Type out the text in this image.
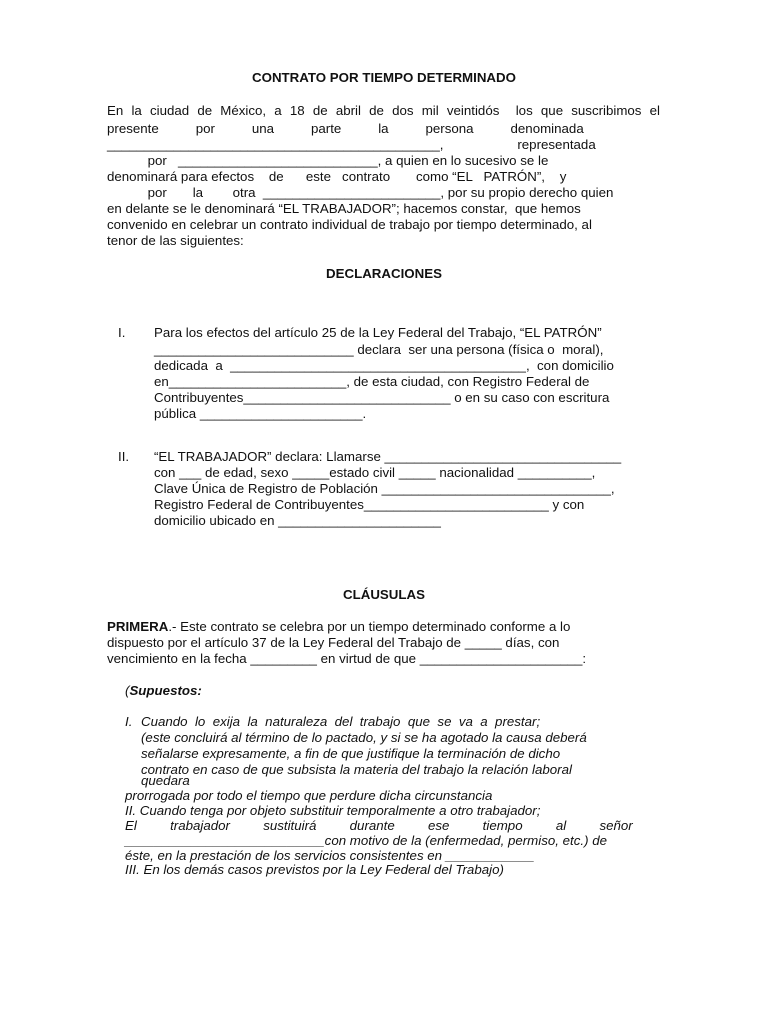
CONTRATO POR TIEMPO DETERMINADO
En la ciudad de México, a 18 de abril de dos mil veintidós  los que suscribimos el
presente          por          una          parte          la          persona          denominada
_____________________________________________,                    representada
por   ___________________________, a quien en lo sucesivo se le
denominará para efectos    de      este   contrato       como “EL   PATRÓN”,    y
por       la        otra  ________________________, por su propio derecho quien
en delante se le denominará “EL TRABAJADOR”; hacemos constar,  que hemos
convenido en celebrar un contrato individual de trabajo por tiempo determinado, al
tenor de las siguientes:
DECLARACIONES
I. Para los efectos del artículo 25 de la Ley Federal del Trabajo, “EL PATRÓN”
___________________________ declara  ser una persona (física o  moral),
dedicada  a  ________________________________________,  con domicilio
en________________________, de esta ciudad, con Registro Federal de
Contribuyentes____________________________ o en su caso con escritura
pública ______________________.
II. “EL TRABAJADOR” declara: Llamarse ________________________________
con ___ de edad, sexo _____estado civil _____ nacionalidad __________,
Clave Única de Registro de Población _______________________________,
Registro Federal de Contribuyentes_________________________ y con
domicilio ubicado en ______________________
CLÁUSULAS
PRIMERA.- Este contrato se celebra por un tiempo determinado conforme a lo
dispuesto por el artículo 37 de la Ley Federal del Trabajo de _____ días, con
vencimiento en la fecha _________ en virtud de que ______________________:
(Supuestos:
I. Cuando  lo  exija  la  naturaleza  del  trabajo  que  se  va  a  prestar;
(este concluirá al término de lo pactado, y si se ha agotado la causa deberá
señalarse expresamente, a fin de que justifique la terminación de dicho
contrato en caso de que subsista la materia del trabajo la relación laboral
quedara
prorrogada por todo el tiempo que perdure dicha circunstancia
II. Cuando tenga por objeto substituir temporalmente a otro trabajador;
El         trabajador         sustituirá         durante         ese         tiempo         al         señor
___________________________con motivo de la (enfermedad, permiso, etc.) de
éste, en la prestación de los servicios consistentes en ____________
III. En los demás casos previstos por la Ley Federal del Trabajo)
